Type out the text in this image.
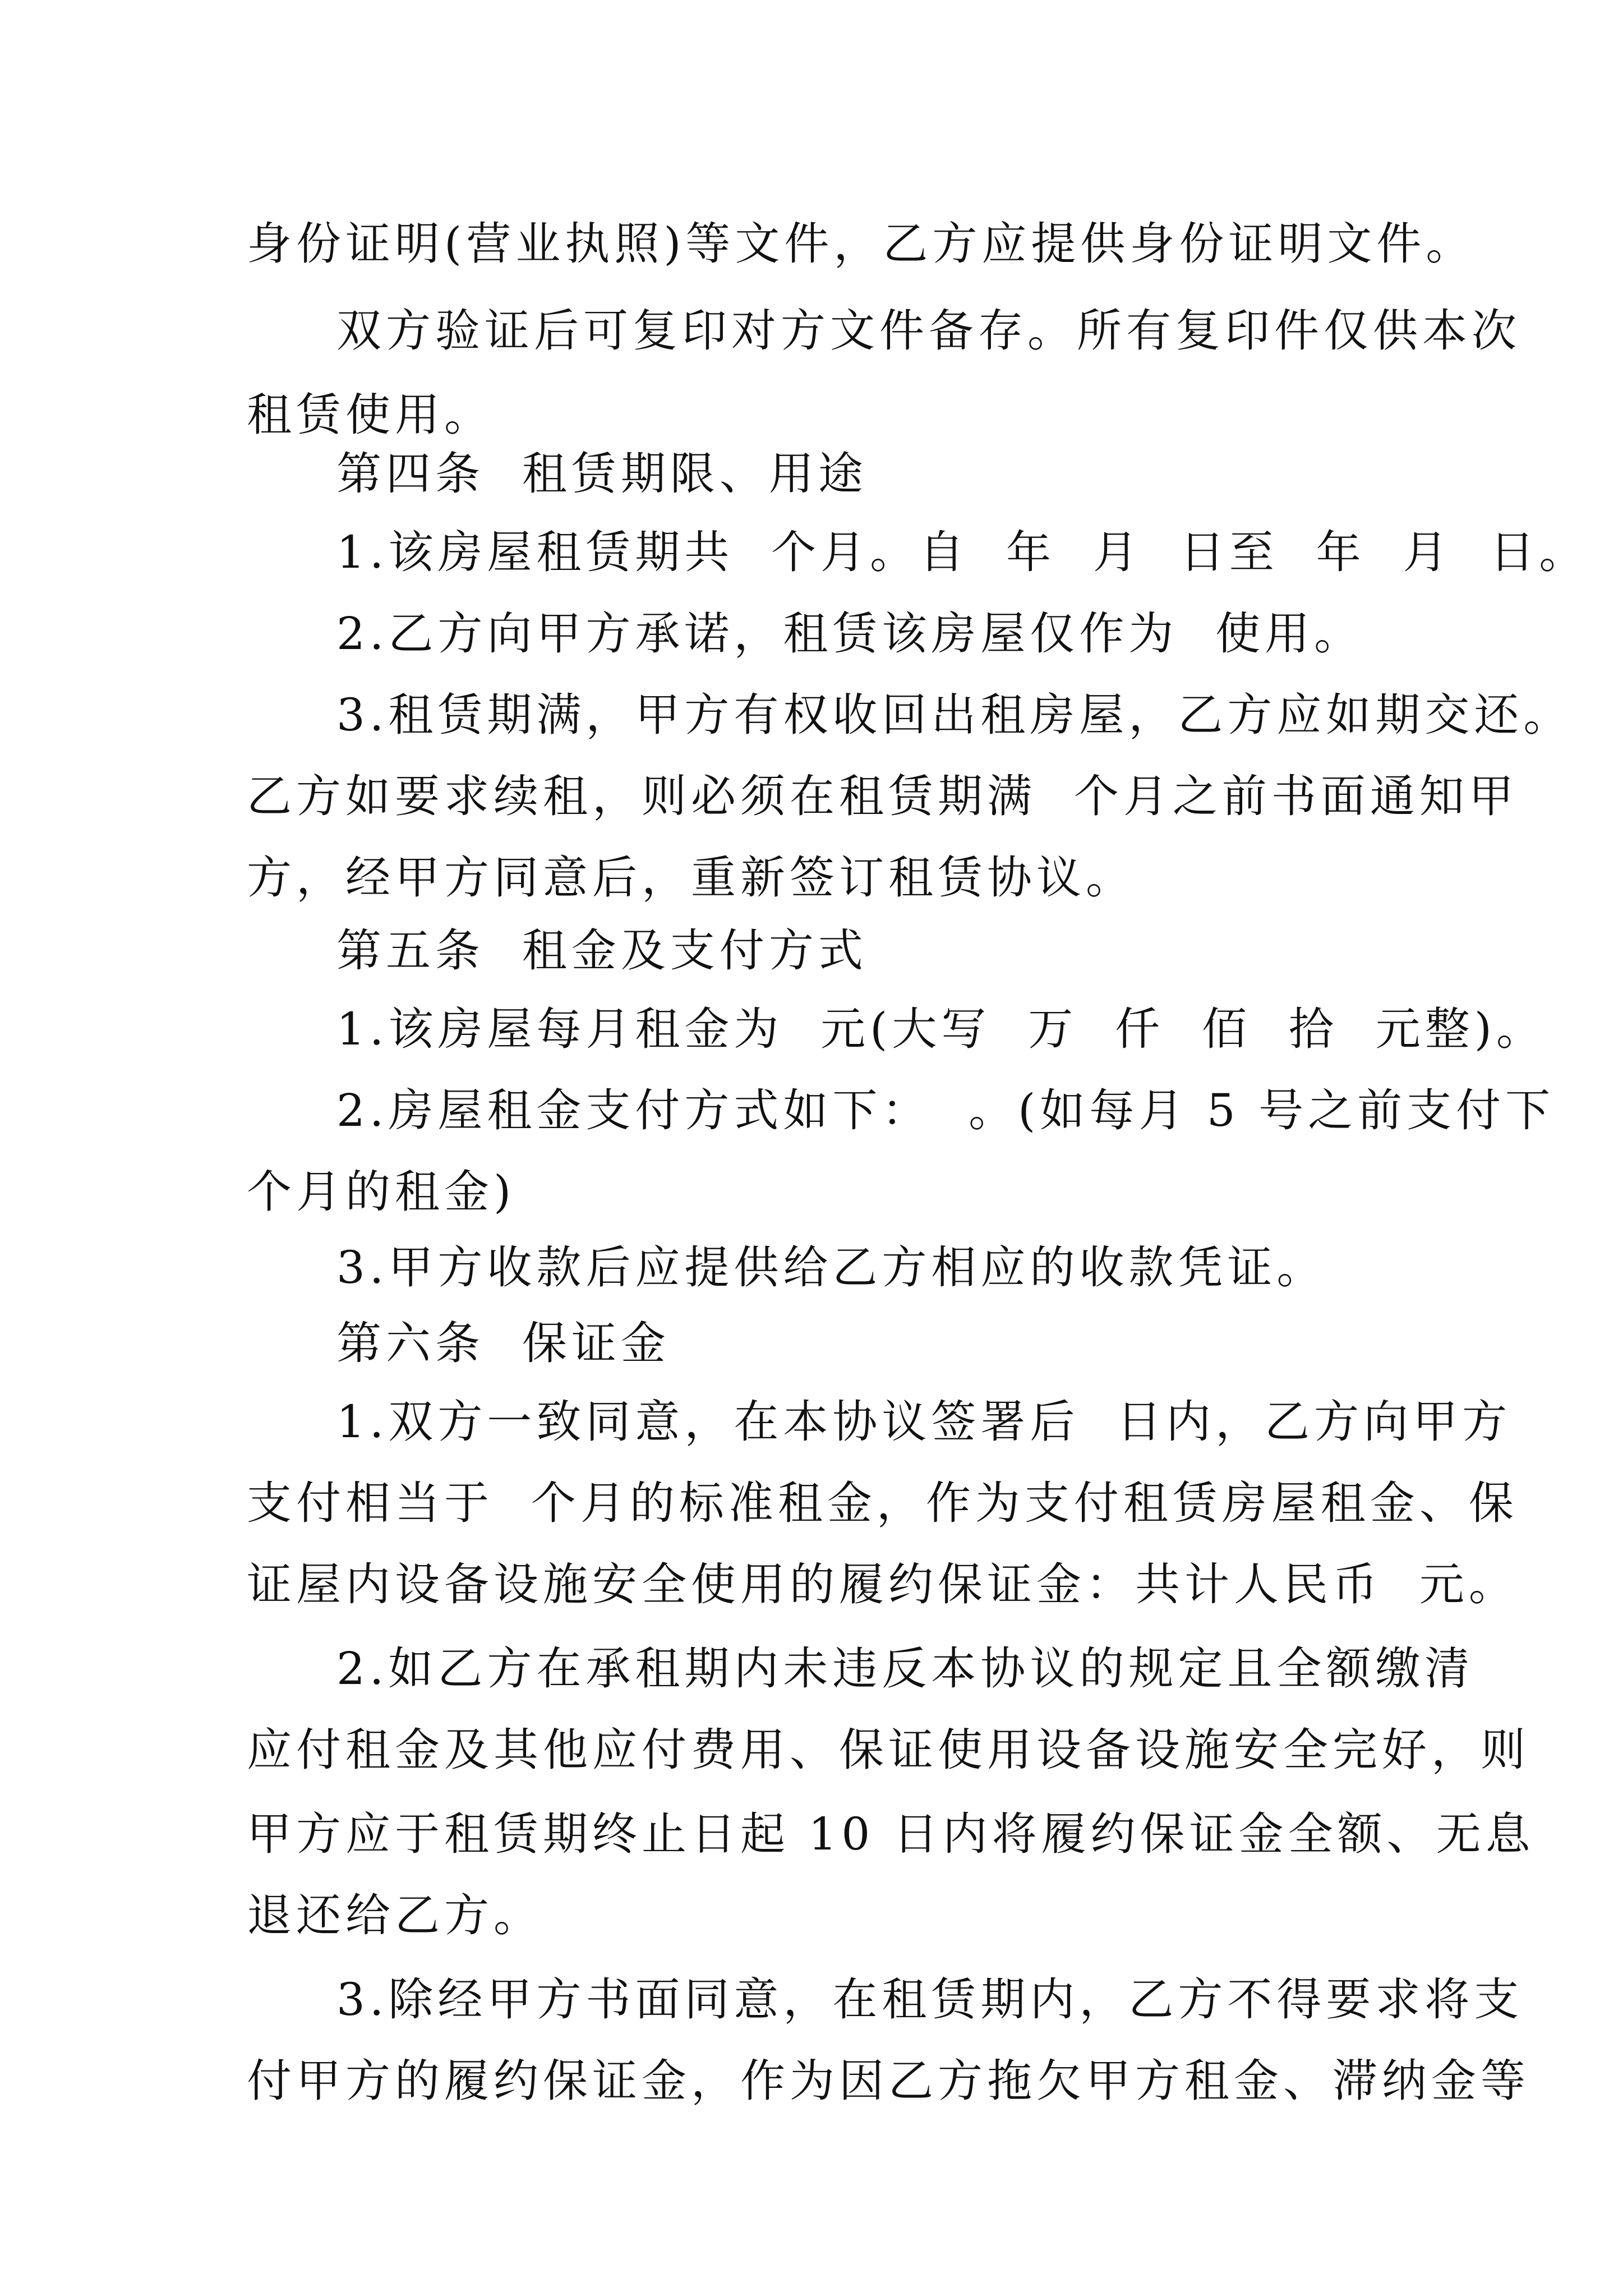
身份证明(营业执照)等文件，乙方应提供身份证明文件。
双方验证后可复印对方文件备存。所有复印件仅供本次
租赁使用。
第四条  租赁期限、用途
1.该房屋租赁期共  个月。自  年  月  日至  年  月  日。
2.乙方向甲方承诺，租赁该房屋仅作为  使用。
3.租赁期满，甲方有权收回出租房屋，乙方应如期交还。
乙方如要求续租，则必须在租赁期满  个月之前书面通知甲
方，经甲方同意后，重新签订租赁协议。
第五条  租金及支付方式
1.该房屋每月租金为  元(大写  万  仟  佰  拾  元整)。
2.房屋租金支付方式如下：  。(如每月 5 号之前支付下
个月的租金)
3.甲方收款后应提供给乙方相应的收款凭证。
第六条  保证金
1.双方一致同意，在本协议签署后  日内，乙方向甲方
支付相当于  个月的标准租金，作为支付租赁房屋租金、保
证屋内设备设施安全使用的履约保证金：共计人民币  元。
2.如乙方在承租期内未违反本协议的规定且全额缴清
应付租金及其他应付费用、保证使用设备设施安全完好，则
甲方应于租赁期终止日起 10 日内将履约保证金全额、无息
退还给乙方。
3.除经甲方书面同意，在租赁期内，乙方不得要求将支
付甲方的履约保证金，作为因乙方拖欠甲方租金、滞纳金等
